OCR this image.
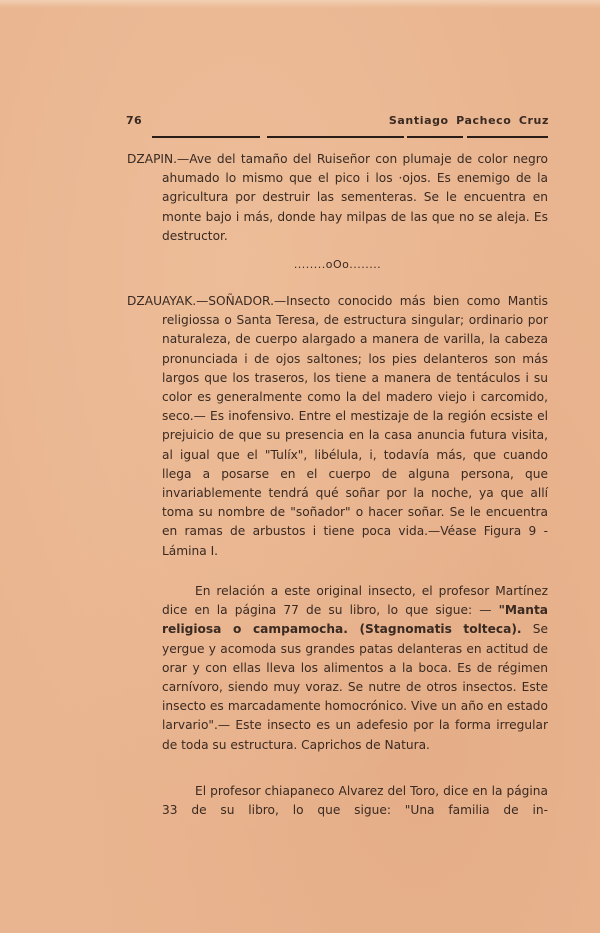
76	Santiago Pacheco Cruz

DZAPIN.—Ave del tamaño del Ruiseñor con plumaje de color negro ahumado lo mismo que el pico i los ·ojos. Es enemigo de la agricultura por destruir las sementeras. Se le encuentra en monte bajo i más, donde hay milpas de las que no se aleja. Es destructor.

........oOo........

DZAUAYAK.—SOÑADOR.—Insecto conocido más bien como Mantis religiossa o Santa Teresa, de estructura singular; ordinario por naturaleza, de cuerpo alargado a manera de varilla, la cabeza pronunciada i de ojos saltones; los pies delanteros son más largos que los traseros, los tiene a manera de tentáculos i su color es generalmente como la del madero viejo i carcomido, seco.— Es inofensivo. Entre el mestizaje de la región ecsiste el prejuicio de que su presencia en la casa anuncia futura visita, al igual que el "Tulíx", libélula, i, todavía más, que cuando llega a posarse en el cuerpo de alguna persona, que invariablemente tendrá qué soñar por la noche, ya que allí toma su nombre de "soñador" o hacer soñar. Se le encuentra en ramas de arbustos i tiene poca vida.—Véase Figura 9 - Lámina I.

En relación a este original insecto, el profesor Martínez dice en la página 77 de su libro, lo que sigue: — "Manta religiosa o campamocha. (Stagnomatis tolteca). Se yergue y acomoda sus grandes patas delanteras en actitud de orar y con ellas lleva los alimentos a la boca. Es de régimen carnívoro, siendo muy voraz. Se nutre de otros insectos. Este insecto es marcadamente homocrónico. Vive un año en estado larvario".— Este insecto es un adefesio por la forma irregular de toda su estructura. Caprichos de Natura.

El profesor chiapaneco Alvarez del Toro, dice en la página 33 de su libro, lo que sigue: "Una familia de in-
